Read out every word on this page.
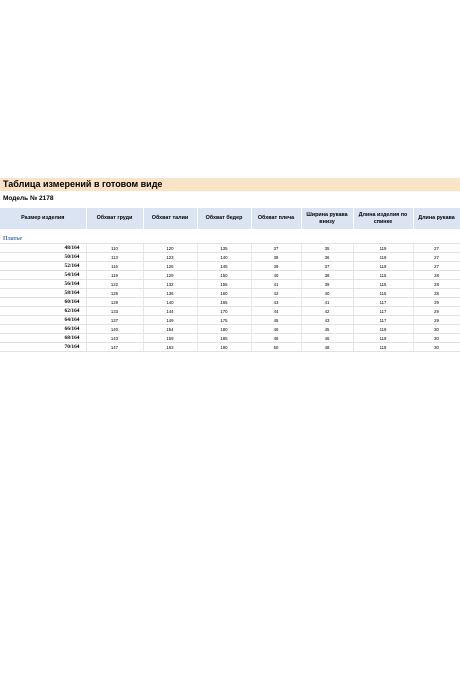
Таблица измерений в готовом виде
Модель № 2178
Размер изделия	Обхват груди	Обхват талии	Обхват бедер	Обхват плеча	Ширина рукава внизу	Длина изделия по спинке	Длина рукава

Платье							
48/164	110	120	135	37	35	119	27
50/164	113	123	140	38	36	119	27
52/164	116	126	145	39	37	119	27
54/164	119	129	150	40	38	115	28
56/164	122	132	155	41	39	115	28
58/164	126	136	160	42	40	115	28
60/164	129	140	165	43	41	117	29
62/164	133	144	170	44	42	117	29
64/164	137	149	175	45	43	117	29
66/164	140	154	180	46	45	119	30
68/164	143	159	185	48	46	119	30
70/164	147	163	190	50	48	119	30
